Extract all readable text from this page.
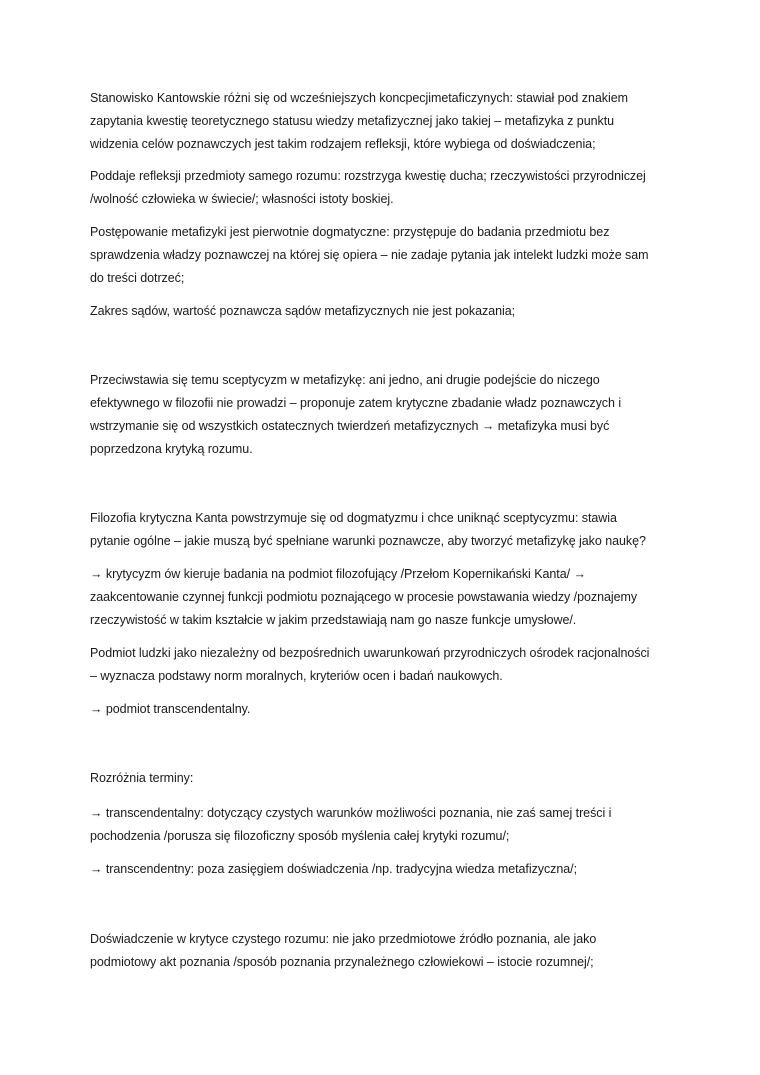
Stanowisko Kantowskie różni się od wcześniejszych koncpecjimetaficzynych: stawiał pod znakiem
zapytania kwestię teoretycznego statusu wiedzy metafizycznej jako takiej – metafizyka z punktu
widzenia celów poznawczych jest takim rodzajem refleksji, które wybiega od doświadczenia;

Poddaje refleksji przedmioty samego rozumu: rozstrzyga kwestię ducha; rzeczywistości przyrodniczej
/wolność człowieka w świecie/; własności istoty boskiej.

Postępowanie metafizyki jest pierwotnie dogmatyczne: przystępuje do badania przedmiotu bez
sprawdzenia władzy poznawczej na której się opiera – nie zadaje pytania jak intelekt ludzki może sam
do treści dotrzeć;

Zakres sądów, wartość poznawcza sądów metafizycznych nie jest pokazania;

Przeciwstawia się temu sceptycyzm w metafizykę: ani jedno, ani drugie podejście do niczego
efektywnego w filozofii nie prowadzi – proponuje zatem krytyczne zbadanie władz poznawczych i
wstrzymanie się od wszystkich ostatecznych twierdzeń metafizycznych → metafizyka musi być
poprzedzona krytyką rozumu.

Filozofia krytyczna Kanta powstrzymuje się od dogmatyzmu i chce uniknąć sceptycyzmu: stawia
pytanie ogólne – jakie muszą być spełniane warunki poznawcze, aby tworzyć metafizykę jako naukę?

→ krytycyzm ów kieruje badania na podmiot filozofujący /Przełom Kopernikański Kanta/ →
zaakcentowanie czynnej funkcji podmiotu poznającego w procesie powstawania wiedzy /poznajemy
rzeczywistość w takim kształcie w jakim przedstawiają nam go nasze funkcje umysłowe/.

Podmiot ludzki jako niezależny od bezpośrednich uwarunkowań przyrodniczych ośrodek racjonalności
– wyznacza podstawy norm moralnych, kryteriów ocen i badań naukowych.

→ podmiot transcendentalny.

Rozróżnia terminy:

→ transcendentalny: dotyczący czystych warunków możliwości poznania, nie zaś samej treści i
pochodzenia /porusza się filozoficzny sposób myślenia całej krytyki rozumu/;

→ transcendentny: poza zasięgiem doświadczenia /np. tradycyjna wiedza metafizyczna/;

Doświadczenie w krytyce czystego rozumu: nie jako przedmiotowe źródło poznania, ale jako
podmiotowy akt poznania /sposób poznania przynależnego człowiekowi – istocie rozumnej/;
